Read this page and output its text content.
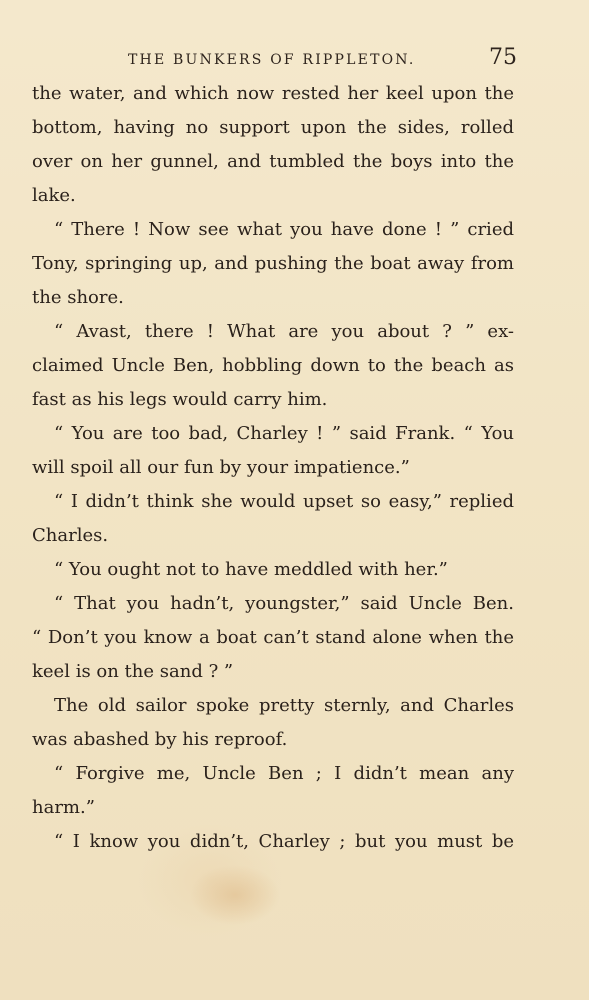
THE BUNKERS OF RIPPLETON.	75
the water, and which now rested her keel upon the
bottom, having no support upon the sides, rolled
over on her gunnel, and tumbled the boys into the
lake.
“ There ! Now see what you have done ! ” cried
Tony, springing up, and pushing the boat away from
the shore.
“ Avast, there ! What are you about ? ” ex-
claimed Uncle Ben, hobbling down to the beach as
fast as his legs would carry him.
“ You are too bad, Charley ! ” said Frank. “ You
will spoil all our fun by your impatience.”
“ I didn’t think she would upset so easy,” replied
Charles.
“ You ought not to have meddled with her.”
“ That you hadn’t, youngster,” said Uncle Ben.
“ Don’t you know a boat can’t stand alone when the
keel is on the sand ? ”
The old sailor spoke pretty sternly, and Charles
was abashed by his reproof.
“ Forgive me, Uncle Ben ; I didn’t mean any
harm.”
“ I know you didn’t, Charley ; but you must be
